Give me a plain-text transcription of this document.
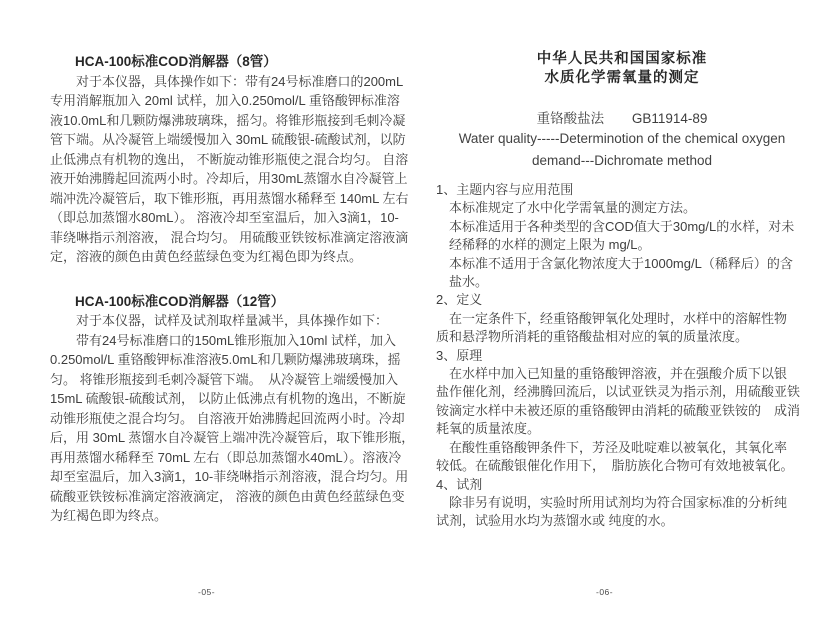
HCA-100标准COD消解器（8管）
　　对于本仪器，具体操作如下：带有24号标准磨口的200mL
专用消解瓶加入 20ml 试样，加入0.250mol/L 重铬酸钾标准溶
液10.0mL和几颗防爆沸玻璃珠，摇匀。将锥形瓶接到毛刺冷凝
管下端。从冷凝管上端缓慢加入 30mL 硫酸银-硫酸试剂，以防
止低沸点有机物的逸出， 不断旋动锥形瓶使之混合均匀。 自溶
液开始沸腾起回流两小时。冷却后，用30mL蒸馏水自冷凝管上
端冲洗冷凝管后，取下锥形瓶，再用蒸馏水稀释至 140mL 左右
（即总加蒸馏水80mL）。 溶液冷却至室温后，加入3滴1，10-
菲绕啉指示剂溶液， 混合均匀。 用硫酸亚铁铵标准滴定溶液滴
定，溶液的颜色由黄色经蓝绿色变为红褐色即为终点。
HCA-100标准COD消解器（12管）
　　对于本仪器，试样及试剂取样量减半，具体操作如下：
　　带有24号标准磨口的150mL锥形瓶加入10ml 试样，加入
0.250mol/L 重铬酸钾标准溶液5.0mL和几颗防爆沸玻璃珠，摇
匀。 将锥形瓶接到毛刺冷凝管下端。　从冷凝管上端缓慢加入
15mL 硫酸银-硫酸试剂， 以防止低沸点有机物的逸出，不断旋
动锥形瓶使之混合均匀。 自溶液开始沸腾起回流两小时。冷却
后，用 30mL 蒸馏水自冷凝管上端冲洗冷凝管后，取下锥形瓶，
再用蒸馏水稀释至 70mL 左右（即总加蒸馏水40mL）。溶液冷
却至室温后，加入3滴1，10-菲绕啉指示剂溶液，混合均匀。用
硫酸亚铁铵标准滴定溶液滴定， 溶液的颜色由黄色经蓝绿色变
为红褐色即为终点。
中华人民共和国国家标准
水质化学需氧量的测定
重铬酸盐法 GB11914-89
Water quality-----Determinotion of the chemical oxygen
demand---Dichromate method
1、主题内容与应用范围
　本标准规定了水中化学需氧量的测定方法。
　本标准适用于各种类型的含COD值大于30mg/L的水样，对未
　经稀释的水样的测定上限为 mg/L。
　本标准不适用于含氯化物浓度大于1000mg/L（稀释后）的含
　盐水。
2、定义
　在一定条件下，经重铬酸钾氧化处理时，水样中的溶解性物
质和悬浮物所消耗的重铬酸盐相对应的氧的质量浓度。
3、原理
　在水样中加入已知量的重铬酸钾溶液，并在强酸介质下以银
盐作催化剂，经沸腾回流后，以试亚铁灵为指示剂，用硫酸亚铁
铵滴定水样中未被还原的重铬酸钾由消耗的硫酸亚铁铵的　成消
耗氧的质量浓度。
　在酸性重铬酸钾条件下，芳泾及吡啶难以被氧化，其氧化率
较低。在硫酸银催化作用下，　脂肪族化合物可有效地被氧化。
4、试剂
　除非另有说明，实验时所用试剂均为符合国家标准的分析纯
试剂，试验用水均为蒸馏水或 纯度的水。
-05-	-06-
